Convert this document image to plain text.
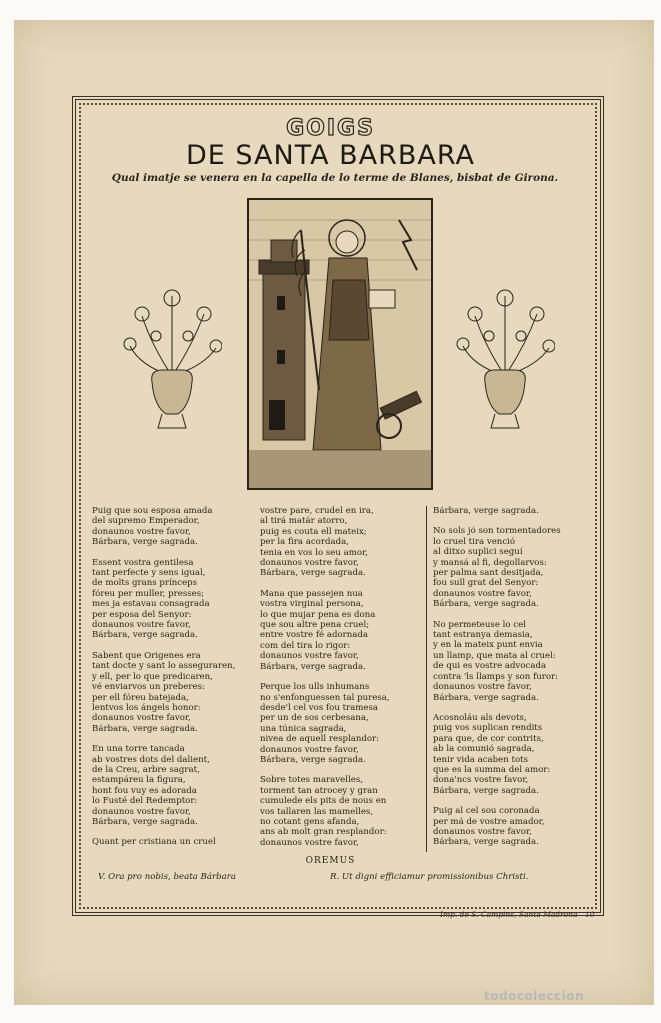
GOIGS
DE SANTA BARBARA
Qual imatje se venera en la capella de lo terme de Blanes, bisbat de Girona.
Puig que sou esposa amada
del supremo Emperador,
donaunos vostre favor,
Bárbara, verge sagrada.
Essent vostra gentilesa
tant perfecte y sens igual,
de molts grans prínceps
fóreu per muller, presses;
mes ja estavau consagrada
per esposa del Senyor:
donaunos vostre favor,
Bárbara, verge sagrada.
Sabent que Origenes era
tant docte y sant lo asseguraren,
y ell, per lo que predicaren,
vé enviarvos un preberes:
per ell fóreu batejada,
lentvos los ángels honor:
donaunos vostre favor,
Bárbara, verge sagrada.
En una torre tancada
ab vostres dots del dalient,
de la Creu, arbre sagrat,
estampáreu la figura,
hont fou vuy es adorada
lo Fusté del Redemptor:
donaunos vostre favor,
Bárbara, verge sagrada.
Quant per cristiana un cruel
vostre pare, crudel en ira,
al tirá matár atorro,
puig es couta ell mateix;
per la fira acordada,
tenia en vos lo seu amor,
donaunos vostre favor,
Bárbara, verge sagrada.
Mana que passejen nua
vostra virginal persona,
lo que mujar pena es dona
que sou altre pena cruel;
entre vostre fé adornada
com del tira lo rigor:
donaunos vostre favor,
Bárbara, verge sagrada.
Perque los ulls inhumans
no s'enfonguessen tal puresa,
desde'l cel vos fou tramesa
per un de sos cerbesana,
una túnica sagrada,
nivea de aquell resplandor:
donaunos vostre favor,
Bárbara, verge sagrada.
Sobre totes maravelles,
torment tan atrocey y gran
cumulede els pits de nous en
vos tallaren las mamelles,
no cotant gens afanda,
ans ab molt gran resplandor:
donaunos vostre favor,
Bárbara, verge sagrada.
No sols jó son tormentadores
lo cruel tira venció
al ditxo suplici seguí
y mansá al fi, degollarvos:
per palma sant desitjada,
fou sull grat del Senyor:
donaunos vostre favor,
Bárbara, verge sagrada.
No permeteuse lo cel
tant estranya demasia,
y en la mateix punt envia
un llamp, que mata al cruel:
de qui es vostre advocada
contra 'ls llamps y son furor:
donaunos vostre favor,
Bárbara, verge sagrada.
Acosnoláu als devots,
puig vos suplican rendits
para que, de cor contrits,
ab la comunió sagrada,
tenir vida acaben tots
que es la summa del amor:
dona'ncs vostre favor,
Bárbara, verge sagrada.
Puig al cel sou coronada
per má de vostre amador,
donaunos vostre favor,
Bárbara, verge sagrada.
OREMUS
V. Ora pro nobis, beata Bárbara	R. Ut digni efficiamur promissionibus Christi.
Imp. de S. Campins, Santa Madrona—10
todocoleccion
